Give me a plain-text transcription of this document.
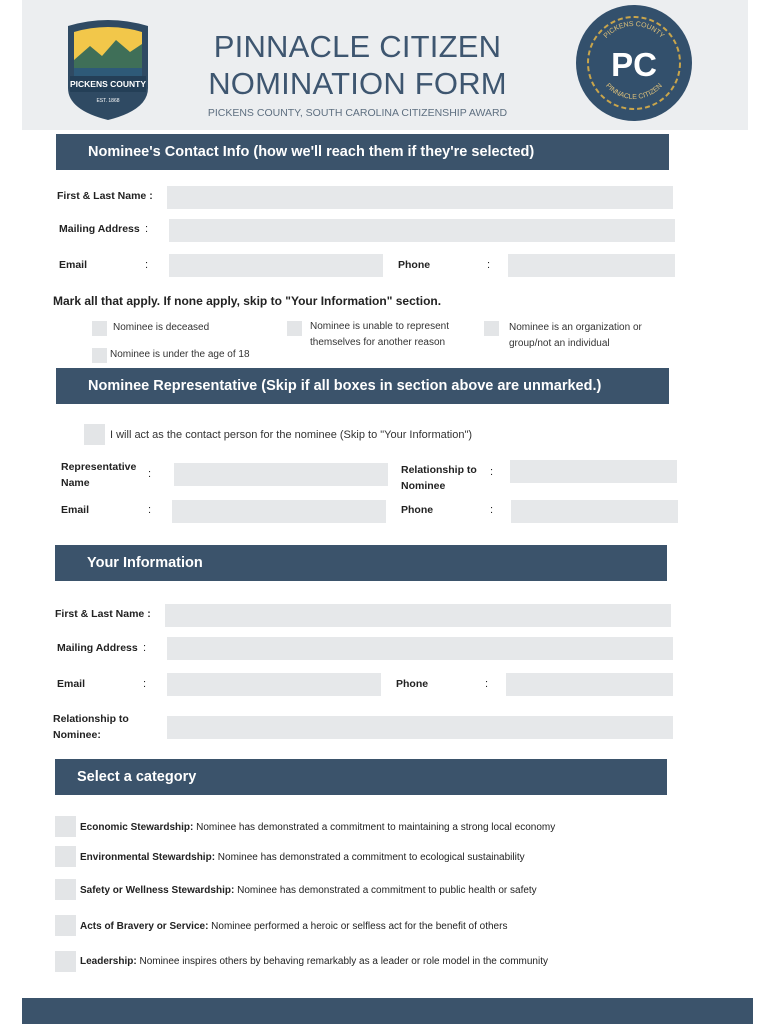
PICKENS COUNTY
EST. 1868
PINNACLE CITIZEN
NOMINATION FORM
PICKENS COUNTY, SOUTH CAROLINA CITIZENSHIP AWARD
PC
PICKENS COUNTY
PINNACLE CITIZEN
Nominee's Contact Info (how we'll reach them if they're selected)
First & Last Name :
Mailing Address :
Email	:	Phone	:
Mark all that apply. If none apply, skip to "Your Information" section.
Nominee is deceased
Nominee is under the age of 18
Nominee is unable to represent
themselves for another reason
Nominee is an organization or
group/not an individual
Nominee Representative (Skip if all boxes in section above are unmarked.)
I will act as the contact person for the nominee (Skip to "Your Information")
Representative
Name
:	Relationship to
Nominee
:
Email	:	Phone	:
Your Information
First & Last Name :
Mailing Address :
Email	:	Phone	:
Relationship to
Nominee:
Select a category
Economic Stewardship: Nominee has demonstrated a commitment to maintaining a strong local economy
Environmental Stewardship: Nominee has demonstrated a commitment to ecological sustainability
Safety or Wellness Stewardship: Nominee has demonstrated a commitment to public health or safety
Acts of Bravery or Service: Nominee performed a heroic or selfless act for the benefit of others
Leadership: Nominee inspires others by behaving remarkably as a leader or role model in the community
